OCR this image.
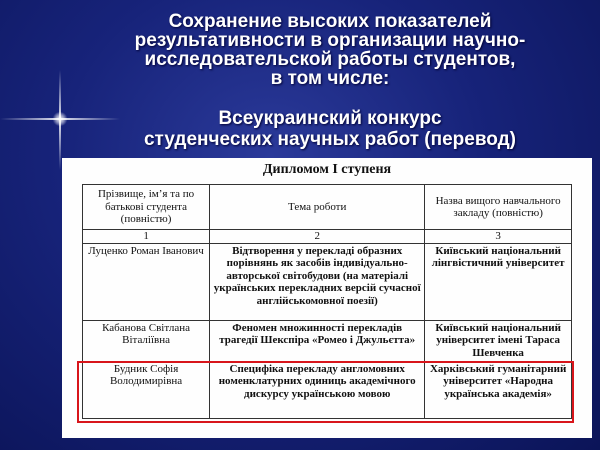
Сохранение высоких показателей
результативности в организации научно-
исследовательской работы студентов,
в том числе:
Всеукраинский конкурс
студенческих научных работ (перевод)
Дипломом I ступеня
Прізвище, ім’я та по батькові студента (повністю)	Тема роботи	Назва вищого навчального закладу (повністю)
1	2	3
Луценко Роман Іванович	Відтворення у перекладі образних порівнянь як засобів індивідуально-авторської світобудови (на матеріалі українських перекладних версій сучасної англійськомовної поезії)	Київський національний лінгвістичний університет
Кабанова Світлана Віталіївна	Феномен множинності перекладів трагедії Шекспіра «Ромео і Джульєтта»	Київський національний університет імені Тараса Шевченка
Будник Софія Володимирівна	Специфіка перекладу англомовних номенклатурних одиниць академічного дискурсу українською мовою	Харківський гуманітарний університет «Народна українська академія»
